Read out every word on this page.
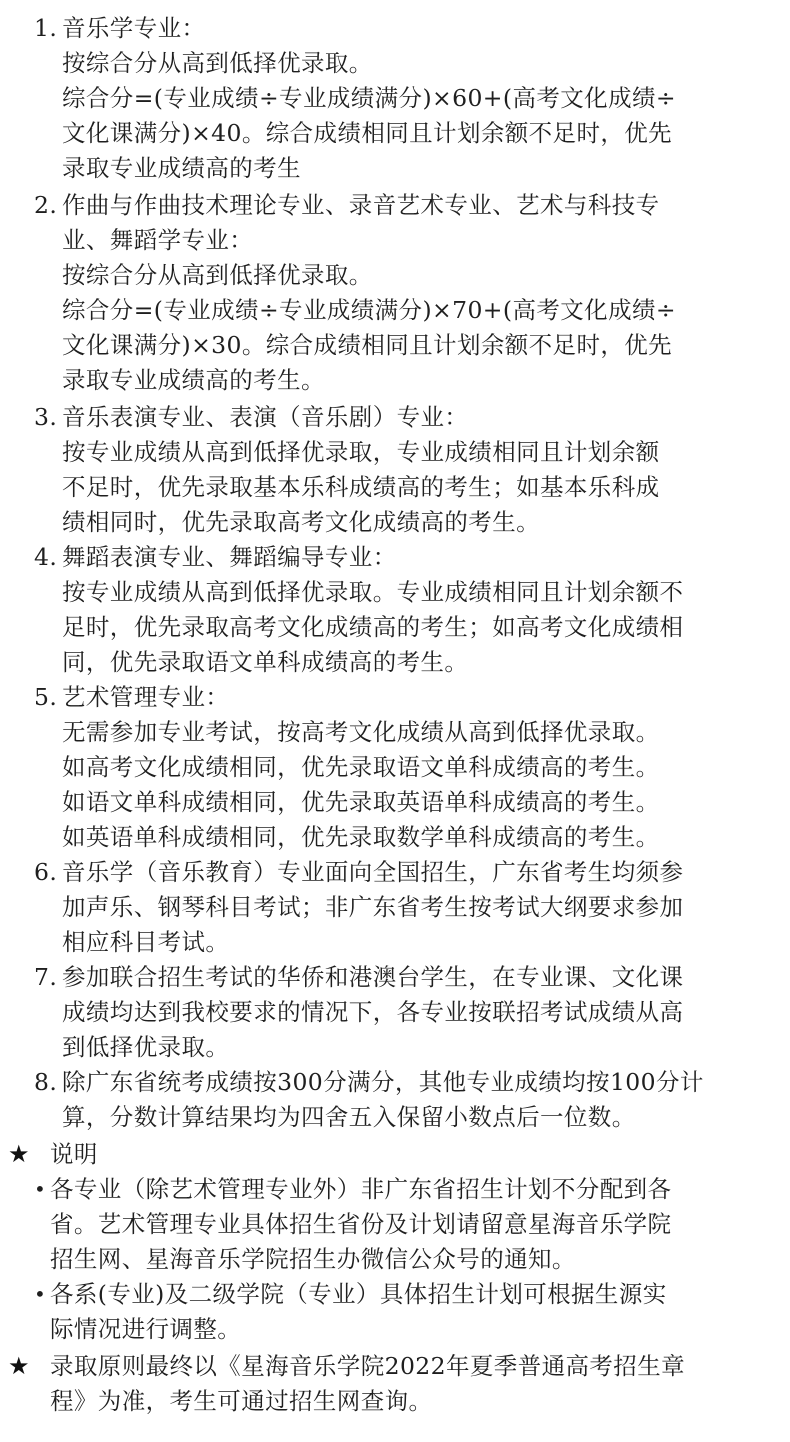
1. 音乐学专业：
按综合分从高到低择优录取。
综合分=(专业成绩÷专业成绩满分)×60+(高考文化成绩÷
文化课满分)×40。综合成绩相同且计划余额不足时，优先
录取专业成绩高的考生
2. 作曲与作曲技术理论专业、录音艺术专业、艺术与科技专
业、舞蹈学专业：
按综合分从高到低择优录取。
综合分=(专业成绩÷专业成绩满分)×70+(高考文化成绩÷
文化课满分)×30。综合成绩相同且计划余额不足时，优先
录取专业成绩高的考生。
3. 音乐表演专业、表演（音乐剧）专业：
按专业成绩从高到低择优录取，专业成绩相同且计划余额
不足时，优先录取基本乐科成绩高的考生；如基本乐科成
绩相同时，优先录取高考文化成绩高的考生。
4. 舞蹈表演专业、舞蹈编导专业：
按专业成绩从高到低择优录取。专业成绩相同且计划余额不
足时，优先录取高考文化成绩高的考生；如高考文化成绩相
同，优先录取语文单科成绩高的考生。
5. 艺术管理专业：
无需参加专业考试，按高考文化成绩从高到低择优录取。
如高考文化成绩相同，优先录取语文单科成绩高的考生。
如语文单科成绩相同，优先录取英语单科成绩高的考生。
如英语单科成绩相同，优先录取数学单科成绩高的考生。
6. 音乐学（音乐教育）专业面向全国招生，广东省考生均须参
加声乐、钢琴科目考试；非广东省考生按考试大纲要求参加
相应科目考试。
7. 参加联合招生考试的华侨和港澳台学生，在专业课、文化课
成绩均达到我校要求的情况下，各专业按联招考试成绩从高
到低择优录取。
8. 除广东省统考成绩按300分满分，其他专业成绩均按100分计
算，分数计算结果均为四舍五入保留小数点后一位数。
★ 说明
• 各专业（除艺术管理专业外）非广东省招生计划不分配到各
省。艺术管理专业具体招生省份及计划请留意星海音乐学院
招生网、星海音乐学院招生办微信公众号的通知。
• 各系(专业)及二级学院（专业）具体招生计划可根据生源实
际情况进行调整。
★ 录取原则最终以《星海音乐学院2022年夏季普通高考招生章
程》为准，考生可通过招生网查询。
